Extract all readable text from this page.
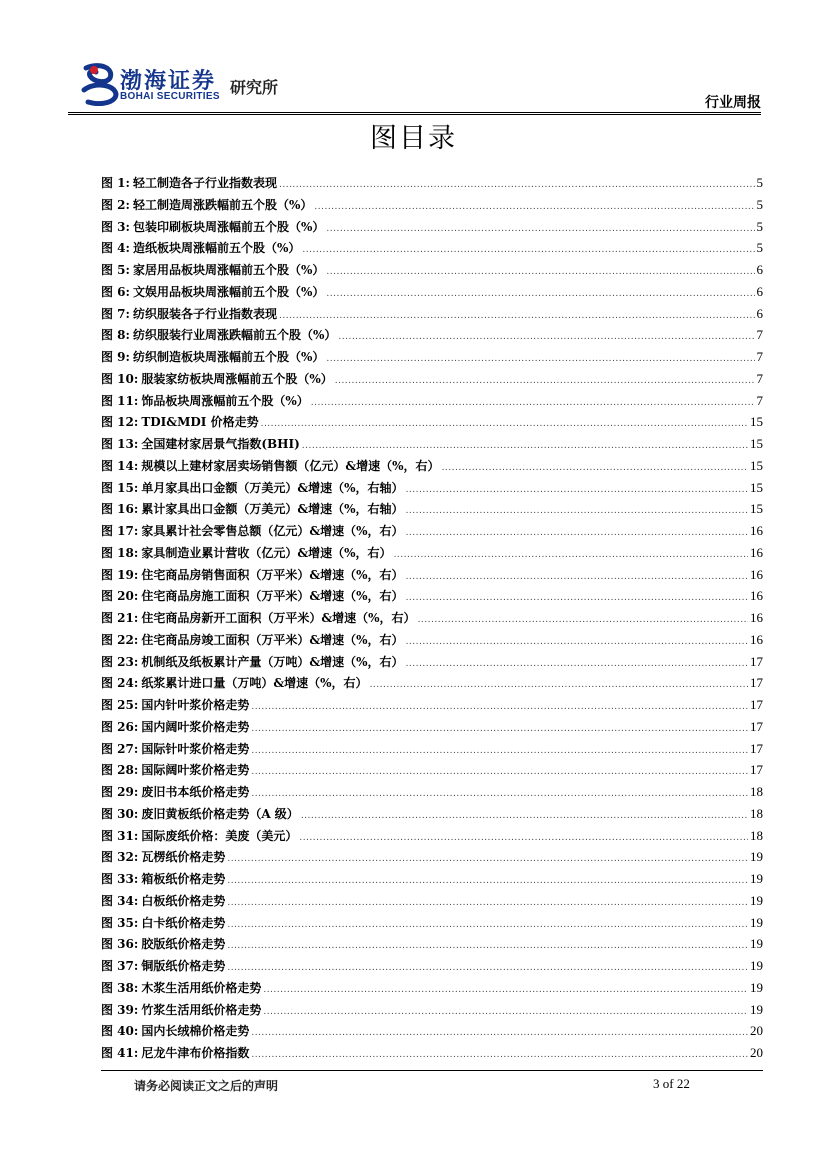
渤海证券
BOHAI SECURITIES 研究所
行业周报
图目录
图 1: 轻工制造各子行业指数表现 .....	5
图 2: 轻工制造周涨跌幅前五个股（%） .....	5
图 3: 包装印刷板块周涨幅前五个股（%） .....	5
图 4: 造纸板块周涨幅前五个股（%） .....	5
图 5: 家居用品板块周涨幅前五个股（%） .....	6
图 6: 文娱用品板块周涨幅前五个股（%） .....	6
图 7: 纺织服装各子行业指数表现 .....	6
图 8: 纺织服装行业周涨跌幅前五个股（%） .....	7
图 9: 纺织制造板块周涨幅前五个股（%） .....	7
图 10: 服装家纺板块周涨幅前五个股（%） .....	7
图 11: 饰品板块周涨幅前五个股（%） .....	7
图 12: TDI&MDI 价格走势 .....	15
图 13: 全国建材家居景气指数(BHI) .....	15
图 14: 规模以上建材家居卖场销售额（亿元）&增速（%，右） .....	15
图 15: 单月家具出口金额（万美元）&增速（%，右轴） .....	15
图 16: 累计家具出口金额（万美元）&增速（%，右轴） .....	15
图 17: 家具累计社会零售总额（亿元）&增速（%，右） .....	16
图 18: 家具制造业累计营收（亿元）&增速（%，右） .....	16
图 19: 住宅商品房销售面积（万平米）&增速（%，右） .....	16
图 20: 住宅商品房施工面积（万平米）&增速（%，右） .....	16
图 21: 住宅商品房新开工面积（万平米）&增速（%，右） .....	16
图 22: 住宅商品房竣工面积（万平米）&增速（%，右） .....	16
图 23: 机制纸及纸板累计产量（万吨）&增速（%，右） .....	17
图 24: 纸浆累计进口量（万吨）&增速（%，右） .....	17
图 25: 国内针叶浆价格走势 .....	17
图 26: 国内阔叶浆价格走势 .....	17
图 27: 国际针叶浆价格走势 .....	17
图 28: 国际阔叶浆价格走势 .....	17
图 29: 废旧书本纸价格走势 .....	18
图 30: 废旧黄板纸价格走势（A 级） .....	18
图 31: 国际废纸价格：美废（美元） .....	18
图 32: 瓦楞纸价格走势 .....	19
图 33: 箱板纸价格走势 .....	19
图 34: 白板纸价格走势 .....	19
图 35: 白卡纸价格走势 .....	19
图 36: 胶版纸价格走势 .....	19
图 37: 铜版纸价格走势 .....	19
图 38: 木浆生活用纸价格走势 .....	19
图 39: 竹浆生活用纸价格走势 .....	19
图 40: 国内长绒棉价格走势 .....	20
图 41: 尼龙牛津布价格指数 .....	20
请务必阅读正文之后的声明	3 of 22
